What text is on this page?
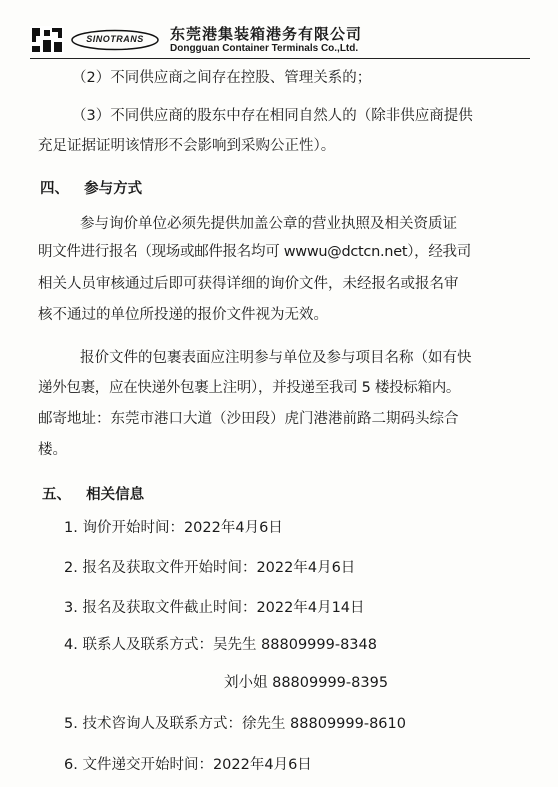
SINOTRANS	东莞港集装箱港务有限公司
Dongguan Container Terminals Co.,Ltd.
（2）不同供应商之间存在控股、管理关系的；
（3）不同供应商的股东中存在相同自然人的（除非供应商提供
充足证据证明该情形不会影响到采购公正性）。
四、   参与方式
参与询价单位必须先提供加盖公章的营业执照及相关资质证
明文件进行报名（现场或邮件报名均可 wwwu@dctcn.net），经我司
相关人员审核通过后即可获得详细的询价文件，未经报名或报名审
核不通过的单位所投递的报价文件视为无效。
报价文件的包裹表面应注明参与单位及参与项目名称（如有快
递外包裹，应在快递外包裹上注明），并投递至我司 5 楼投标箱内。
邮寄地址：东莞市港口大道（沙田段）虎门港港前路二期码头综合
楼。
五、   相关信息
1. 询价开始时间：2022年4月6日
2. 报名及获取文件开始时间：2022年4月6日
3. 报名及获取文件截止时间：2022年4月14日
4. 联系人及联系方式：吴先生 88809999-8348
刘小姐 88809999-8395
5. 技术咨询人及联系方式：徐先生 88809999-8610
6. 文件递交开始时间：2022年4月6日
